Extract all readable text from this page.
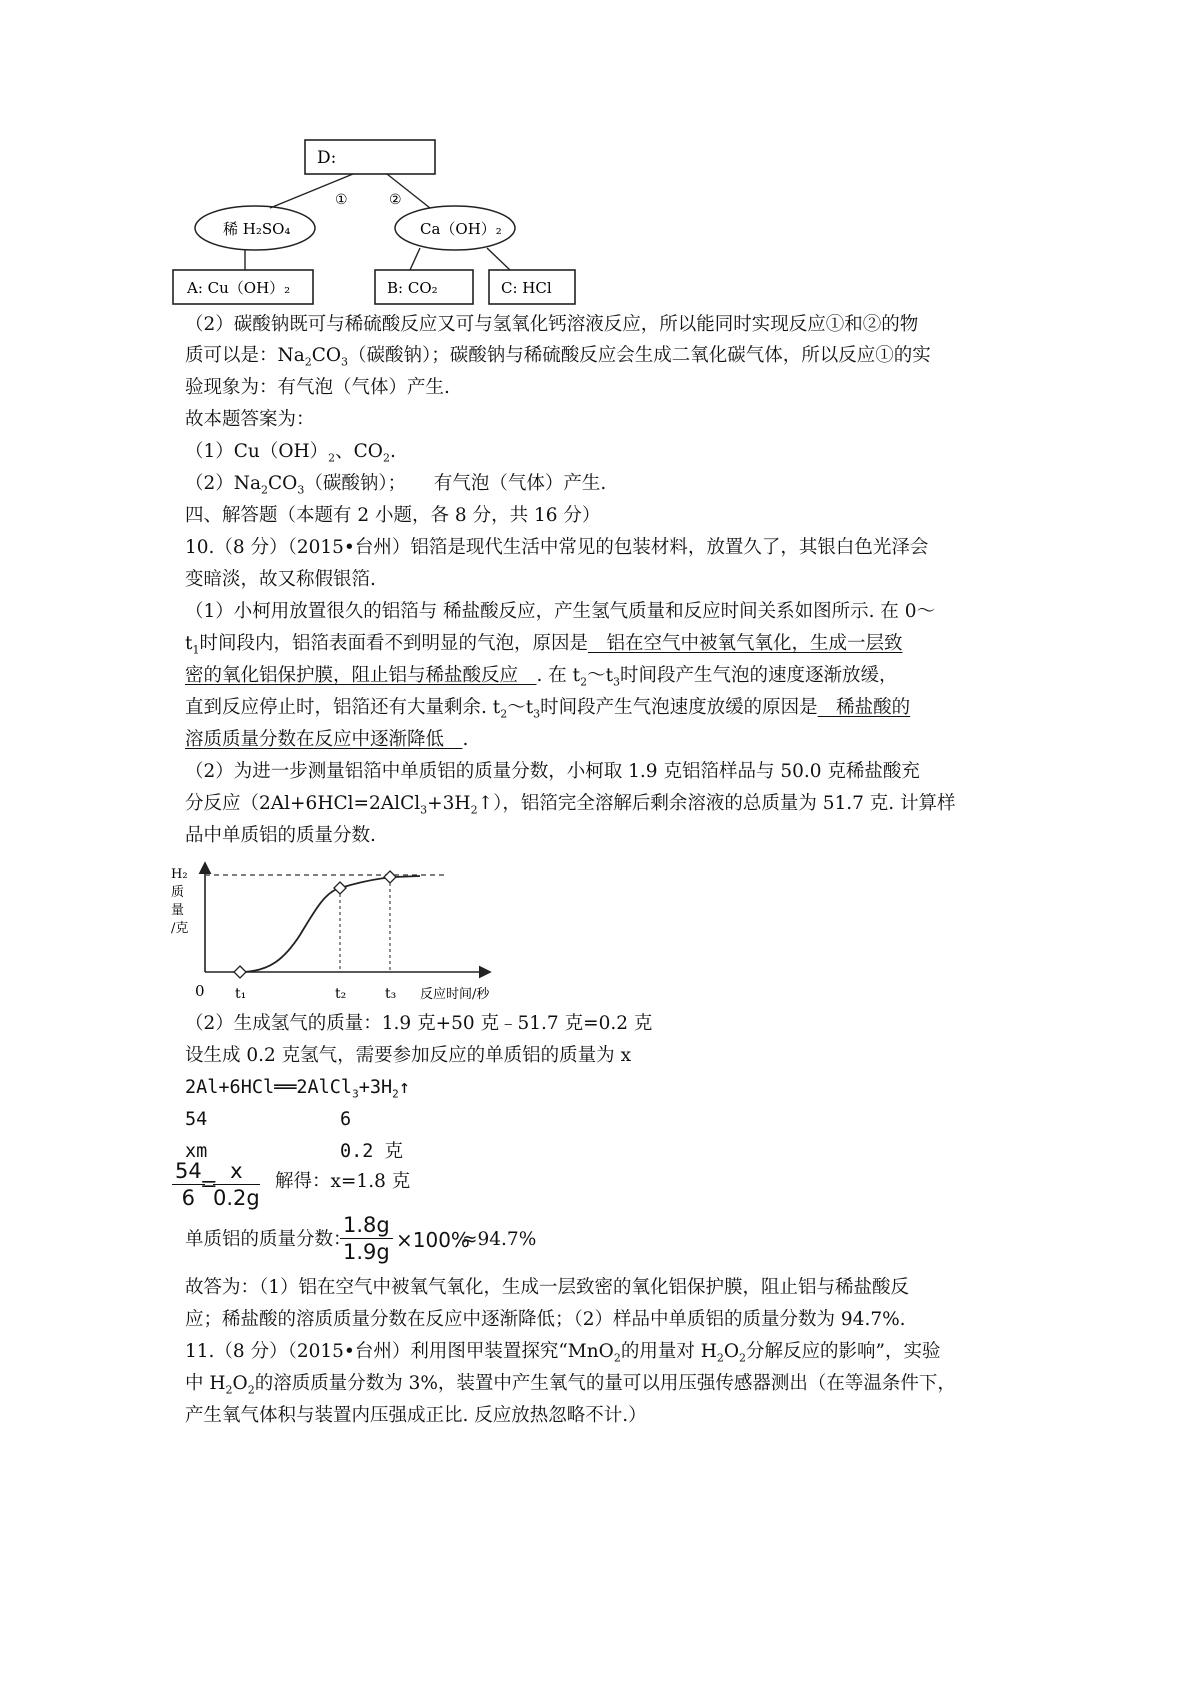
D:
①	②
稀 H₂SO₄	Ca（OH）₂
A: Cu（OH）₂	B: CO₂	C: HCl
（2）碳酸钠既可与稀硫酸反应又可与氢氧化钙溶液反应，所以能同时实现反应①和②的物
质可以是：$Na_2CO_3$（碳酸钠）；碳酸钠与稀硫酸反应会生成二氧化碳气体，所以反应①的实
验现象为：有气泡（气体）产生.
故本题答案为：
$(1)Cu(OH)_2$、$CO_2$.
$(2)Na_2CO_3$（碳酸钠）；　　有气泡（气体）产生.
四、解答题（本题有 2 小题，各 8 分，共 16 分）
10.（8 分）（2015•台州）铝箔是现代生活中常见的包装材料，放置久了，其银白色光泽会
变暗淡，故又称假银箔.
（1）小柯用放置很久的铝箔与 稀盐酸反应，产生氢气质量和反应时间关系如图所示. 在 0～
$t_1$时间段内，铝箔表面看不到明显的气泡，原因是　铝在空气中被氧气氧化，生成一层致
密的氧化铝保护膜，阻止铝与稀盐酸反应　. 在 $t_2\sim t_3$时间段产生气泡的速度逐渐放缓，
直到反应停止时，铝箔还有大量剩余. $t_2\sim t_3$时间段产生气泡速度放缓的原因是　稀盐酸的
溶质质量分数在反应中逐渐降低　.
（2）为进一步测量铝箔中单质铝的质量分数，小柯取 1.9 克铝箔样品与 50.0 克稀盐酸充
分反应$(2Al+6HCl=2AlCl_3+3H_2↑)$，铝箔完全溶解后剩余溶液的总质量为 51.7 克. 计算样
品中单质铝的质量分数.
H₂
质
量
/克
0 t₁	t₂	t₃ 反应时间/秒
（2）生成氢气的质量：1.9 克+50 克﹣51.7 克=0.2 克
设生成 0.2 克氢气，需要参加反应的单质铝的质量为 x
$2Al+6HCl══2AlCl_3+3H_2↑$
54	6
xm	0.2 克
$\frac{54}{6}$
=
$\frac{x}{0.2g}$ 解得：x=1.8 克
单质铝的质量分数：
$\frac{1.8g}{1.9g} \times 100\%$
≈94.7%
故答为：（1）铝在空气中被氧气氧化，生成一层致密的氧化铝保护膜，阻止铝与稀盐酸反
应；稀盐酸的溶质质量分数在反应中逐渐降低；（2）样品中单质铝的质量分数为 94.7%.
11.（8 分）（2015•台州）利用图甲装置探究“MnO$_2$的用量对 $H_2O_2$分解反应的影响”，实验
中 $H_2O_2$的溶质质量分数为 3%，装置中产生氧气的量可以用压强传感器测出（在等温条件下，
产生氧气体积与装置内压强成正比. 反应放热忽略不计.）
